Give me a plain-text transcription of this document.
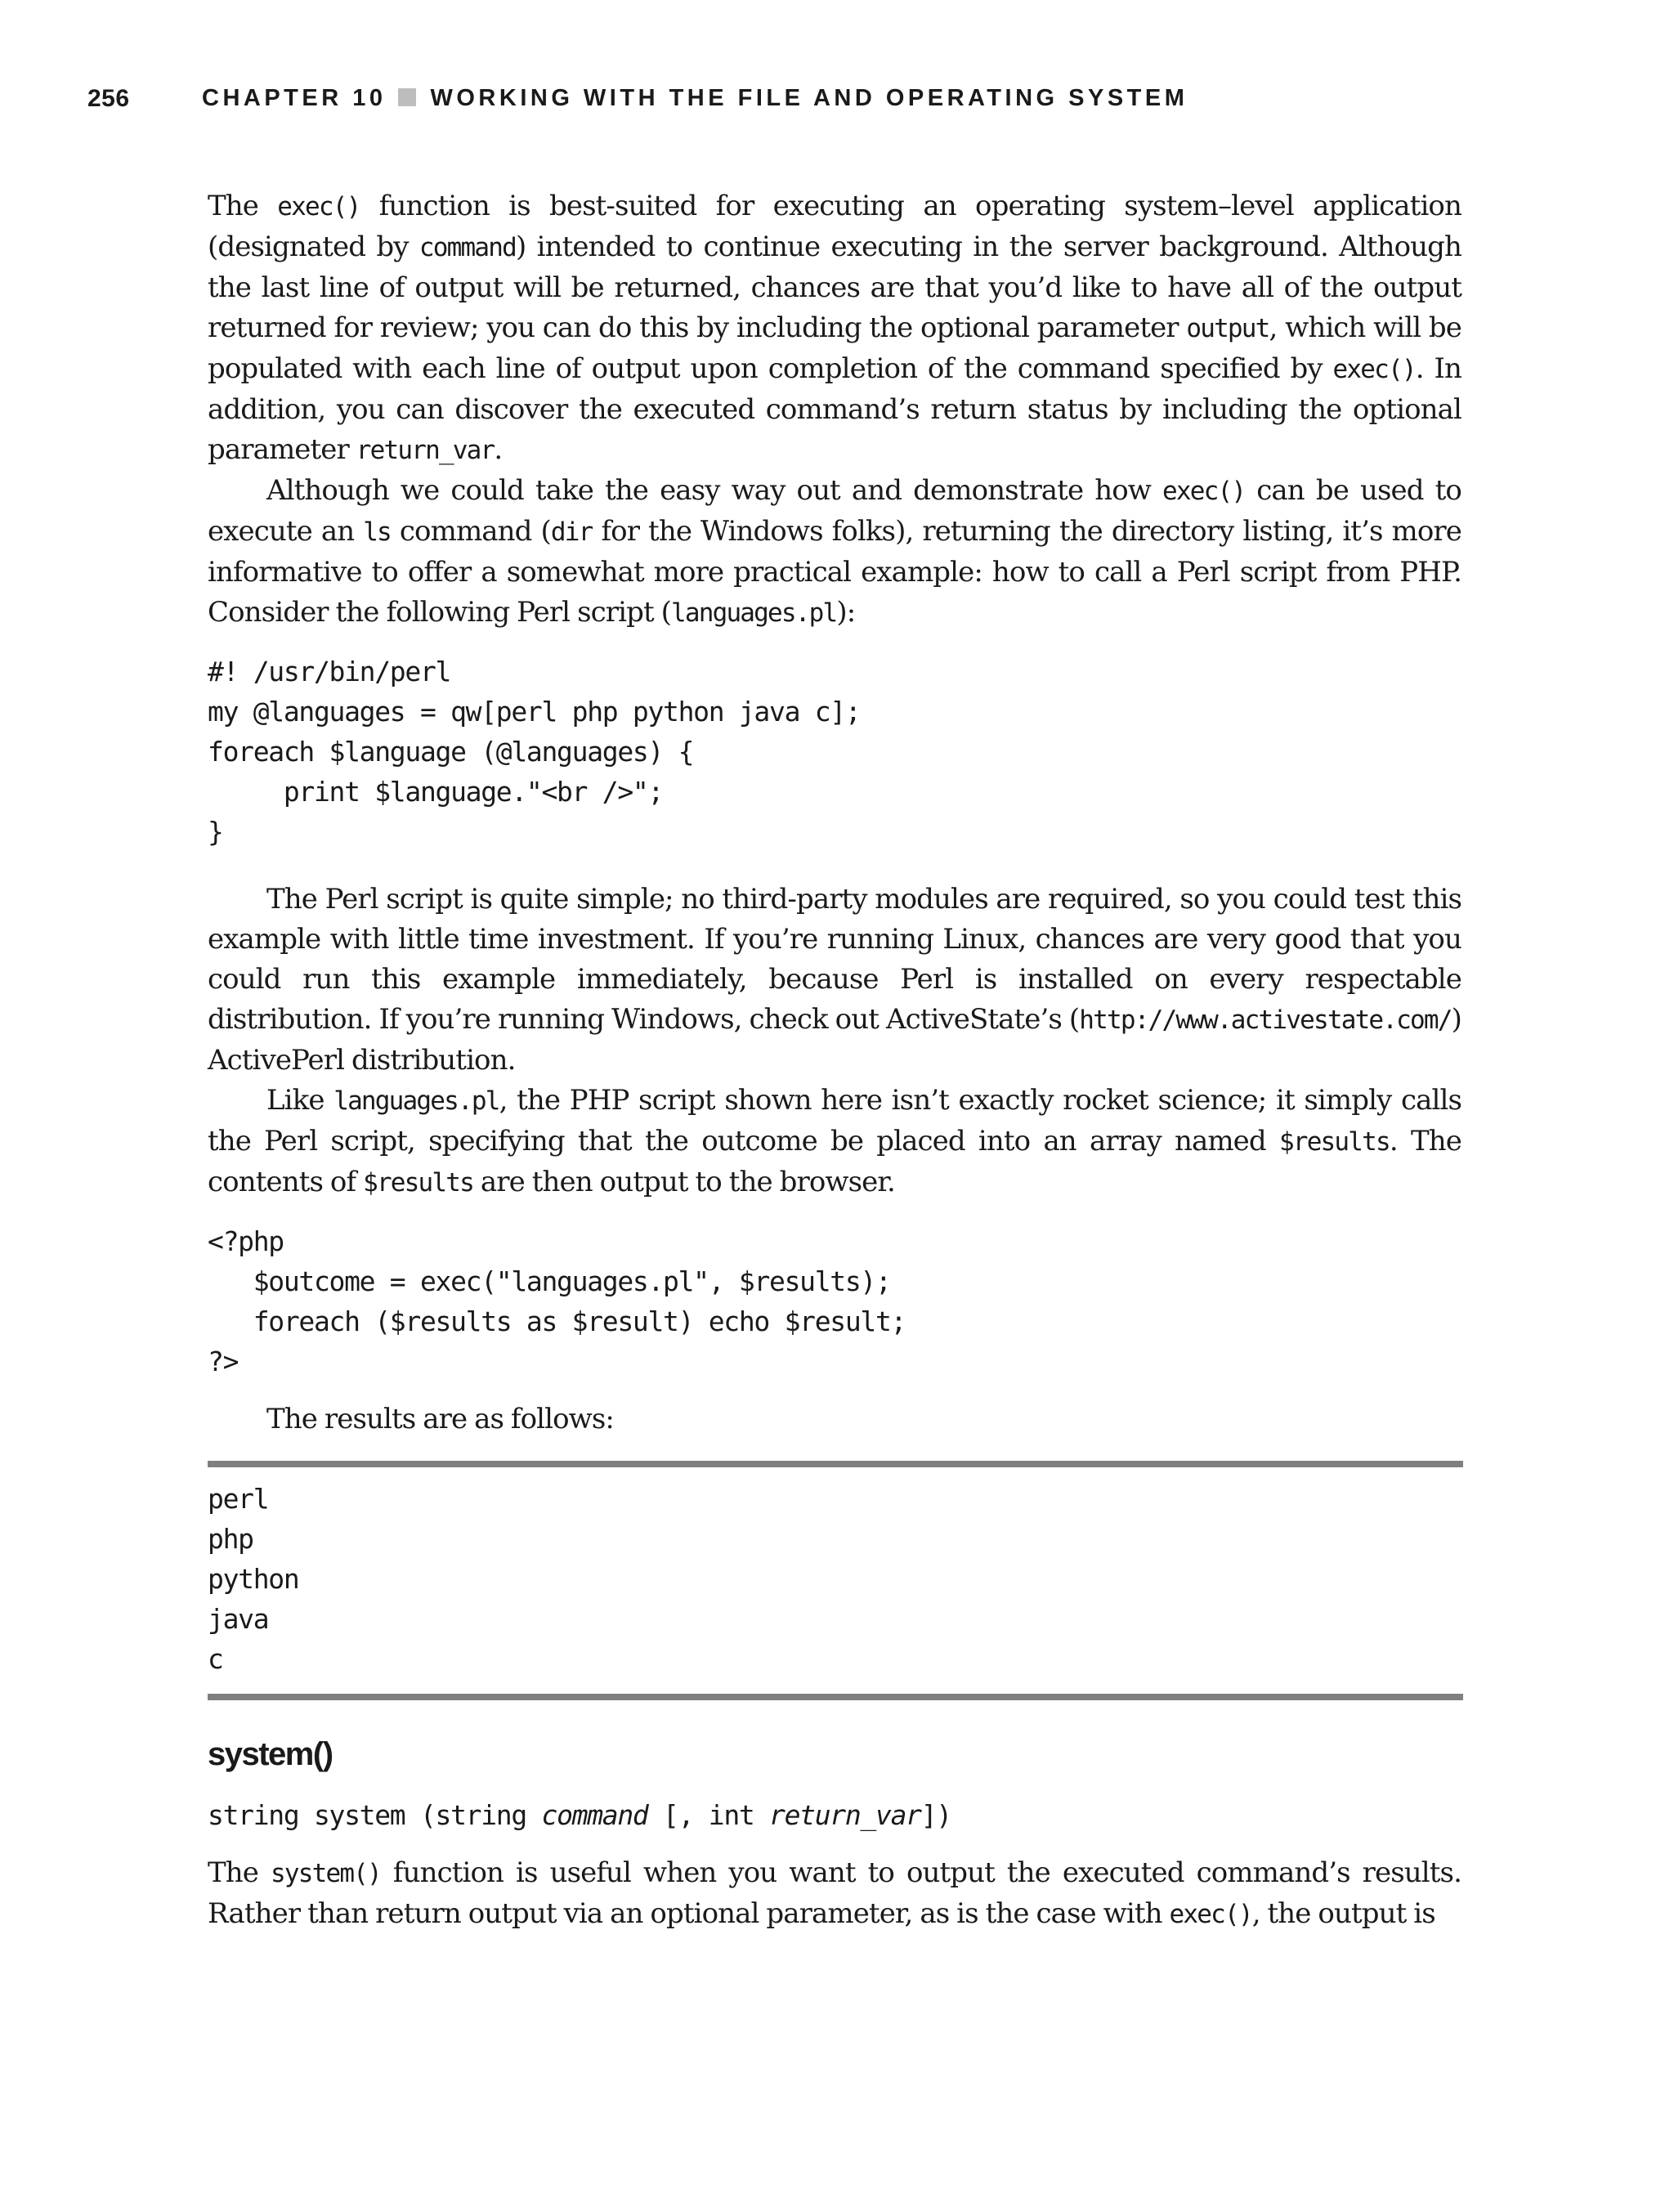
256	CHAPTER 10 WORKING WITH THE FILE AND OPERATING SYSTEM

The exec() function is best-suited for executing an operating system–level application (designated by command) intended to continue executing in the server background. Although the last line of output will be returned, chances are that you’d like to have all of the output returned for review; you can do this by including the optional parameter output, which will be populated with each line of output upon completion of the command specified by exec(). In addition, you can discover the executed command’s return status by including the optional parameter return_var.

Although we could take the easy way out and demonstrate how exec() can be used to execute an ls command (dir for the Windows folks), returning the directory listing, it’s more informative to offer a somewhat more practical example: how to call a Perl script from PHP. Consider the following Perl script (languages.pl):

#! /usr/bin/perl
my @languages = qw[perl php python java c];
foreach $language (@languages) {
print $language."<br />";
}

The Perl script is quite simple; no third-party modules are required, so you could test this example with little time investment. If you’re running Linux, chances are very good that you could run this example immediately, because Perl is installed on every respectable distribution. If you’re running Windows, check out ActiveState’s (http://www.activestate.com/) ActivePerl distribution.

Like languages.pl, the PHP script shown here isn’t exactly rocket science; it simply calls the Perl script, specifying that the outcome be placed into an array named $results. The contents of $results are then output to the browser.

<?php
$outcome = exec("languages.pl", $results);
foreach ($results as $result) echo $result;
?>

The results are as follows:

perl
php
python
java
c
system()
string system (string command [, int return_var])

The system() function is useful when you want to output the executed command’s results. Rather than return output via an optional parameter, as is the case with exec(), the output is
